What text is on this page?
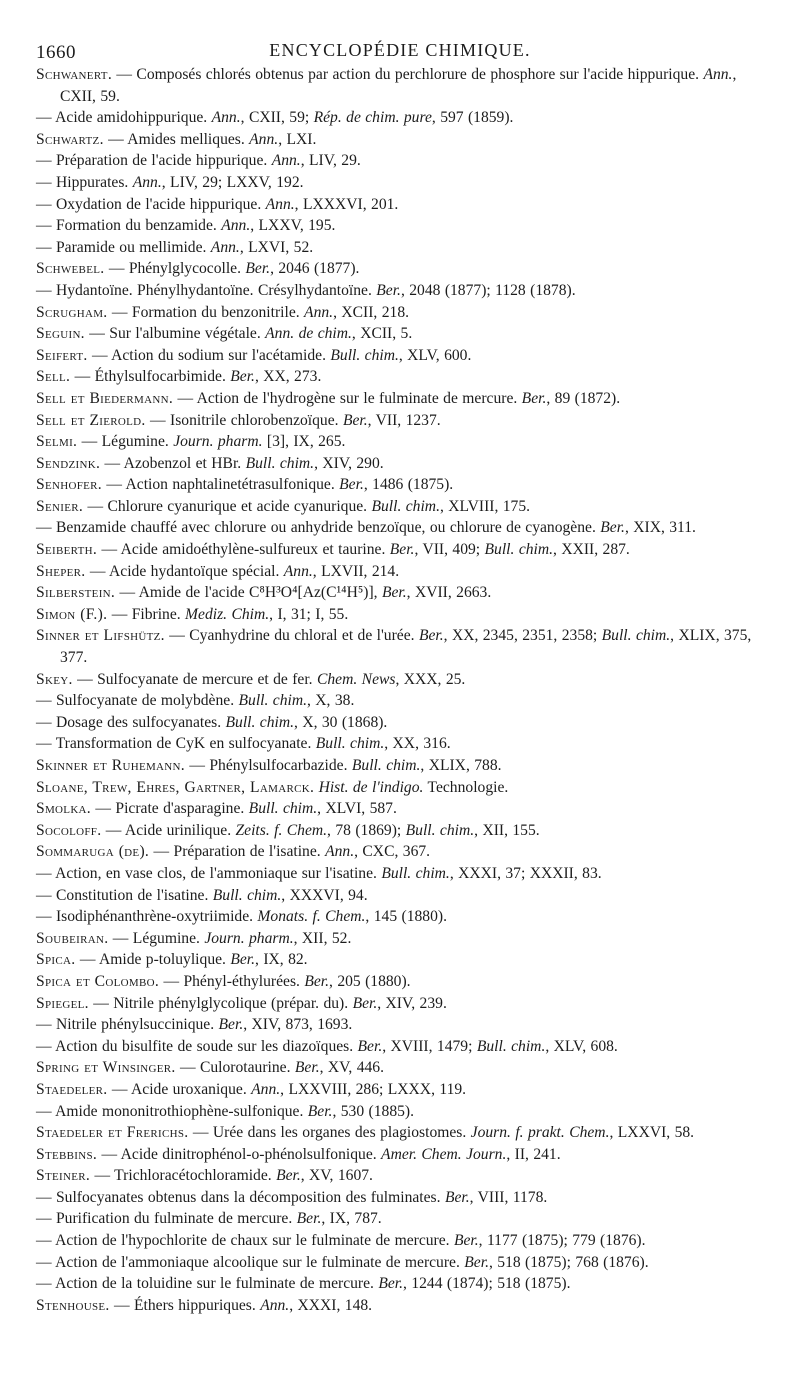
1660	ENCYCLOPÉDIE CHIMIQUE.
Schwanert. — Composés chlorés obtenus par action du perchlorure de phosphore sur l'acide hippurique. Ann., CXII, 59.
— Acide amidohippurique. Ann., CXII, 59; Rép. de chim. pure, 597 (1859).
Schwartz. — Amides melliques. Ann., LXI.
— Préparation de l'acide hippurique. Ann., LIV, 29.
— Hippurates. Ann., LIV, 29; LXXV, 192.
— Oxydation de l'acide hippurique. Ann., LXXXVI, 201.
— Formation du benzamide. Ann., LXXV, 195.
— Paramide ou mellimide. Ann., LXVI, 52.
Schwebel. — Phénylglycocolle. Ber., 2046 (1877).
— Hydantoïne. Phénylhydantoïne. Crésylhydantoïne. Ber., 2048 (1877); 1128 (1878).
Scrugham. — Formation du benzonitrile. Ann., XCII, 218.
Seguin. — Sur l'albumine végétale. Ann. de chim., XCII, 5.
Seifert. — Action du sodium sur l'acétamide. Bull. chim., XLV, 600.
Sell. — Éthylsulfocarbimide. Ber., XX, 273.
Sell et Biedermann. — Action de l'hydrogène sur le fulminate de mercure. Ber., 89 (1872).
Sell et Zierold. — Isonitrile chlorobenzoïque. Ber., VII, 1237.
Selmi. — Légumine. Journ. pharm. [3], IX, 265.
Sendzink. — Azobenzol et HBr. Bull. chim., XIV, 290.
Senhofer. — Action naphtalinetétrasulfonique. Ber., 1486 (1875).
Senier. — Chlorure cyanurique et acide cyanurique. Bull. chim., XLVIII, 175.
— Benzamide chauffé avec chlorure ou anhydride benzoïque, ou chlorure de cyanogène. Ber., XIX, 311.
Seiberth. — Acide amidoéthylène-sulfureux et taurine. Ber., VII, 409; Bull. chim., XXII, 287.
Sheper. — Acide hydantoïque spécial. Ann., LXVII, 214.
Silberstein. — Amide de l'acide C⁸H³O⁴[Az(C¹⁴H⁵)], Ber., XVII, 2663.
Simon (F.). — Fibrine. Mediz. Chim., I, 31; I, 55.
Sinner et Lifshütz. — Cyanhydrine du chloral et de l'urée. Ber., XX, 2345, 2351, 2358; Bull. chim., XLIX, 375, 377.
Skey. — Sulfocyanate de mercure et de fer. Chem. News, XXX, 25.
— Sulfocyanate de molybdène. Bull. chim., X, 38.
— Dosage des sulfocyanates. Bull. chim., X, 30 (1868).
— Transformation de CyK en sulfocyanate. Bull. chim., XX, 316.
Skinner et Ruhemann. — Phénylsulfocarbazide. Bull. chim., XLIX, 788.
Sloane, Trew, Ehres, Gartner, Lamarck. Hist. de l'indigo. Technologie.
Smolka. — Picrate d'asparagine. Bull. chim., XLVI, 587.
Socoloff. — Acide urinilique. Zeits. f. Chem., 78 (1869); Bull. chim., XII, 155.
Sommaruga (de). — Préparation de l'isatine. Ann., CXC, 367.
— Action, en vase clos, de l'ammoniaque sur l'isatine. Bull. chim., XXXI, 37; XXXII, 83.
— Constitution de l'isatine. Bull. chim., XXXVI, 94.
— Isodiphénanthrène-oxytriimide. Monats. f. Chem., 145 (1880).
Soubeiran. — Légumine. Journ. pharm., XII, 52.
Spica. — Amide p-toluylique. Ber., IX, 82.
Spica et Colombo. — Phényl-éthylurées. Ber., 205 (1880).
Spiegel. — Nitrile phénylglycolique (prépar. du). Ber., XIV, 239.
— Nitrile phénylsuccinique. Ber., XIV, 873, 1693.
— Action du bisulfite de soude sur les diazoïques. Ber., XVIII, 1479; Bull. chim., XLV, 608.
Spring et Winsinger. — Culorotaurine. Ber., XV, 446.
Staedeler. — Acide uroxanique. Ann., LXXVIII, 286; LXXX, 119.
— Amide mononitrothiophène-sulfonique. Ber., 530 (1885).
Staedeler et Frerichs. — Urée dans les organes des plagiostomes. Journ. f. prakt. Chem., LXXVI, 58.
Stebbins. — Acide dinitrophénol-o-phénolsulfonique. Amer. Chem. Journ., II, 241.
Steiner. — Trichloracétochloramide. Ber., XV, 1607.
— Sulfocyanates obtenus dans la décomposition des fulminates. Ber., VIII, 1178.
— Purification du fulminate de mercure. Ber., IX, 787.
— Action de l'hypochlorite de chaux sur le fulminate de mercure. Ber., 1177 (1875); 779 (1876).
— Action de l'ammoniaque alcoolique sur le fulminate de mercure. Ber., 518 (1875); 768 (1876).
— Action de la toluidine sur le fulminate de mercure. Ber., 1244 (1874); 518 (1875).
Stenhouse. — Éthers hippuriques. Ann., XXXI, 148.
